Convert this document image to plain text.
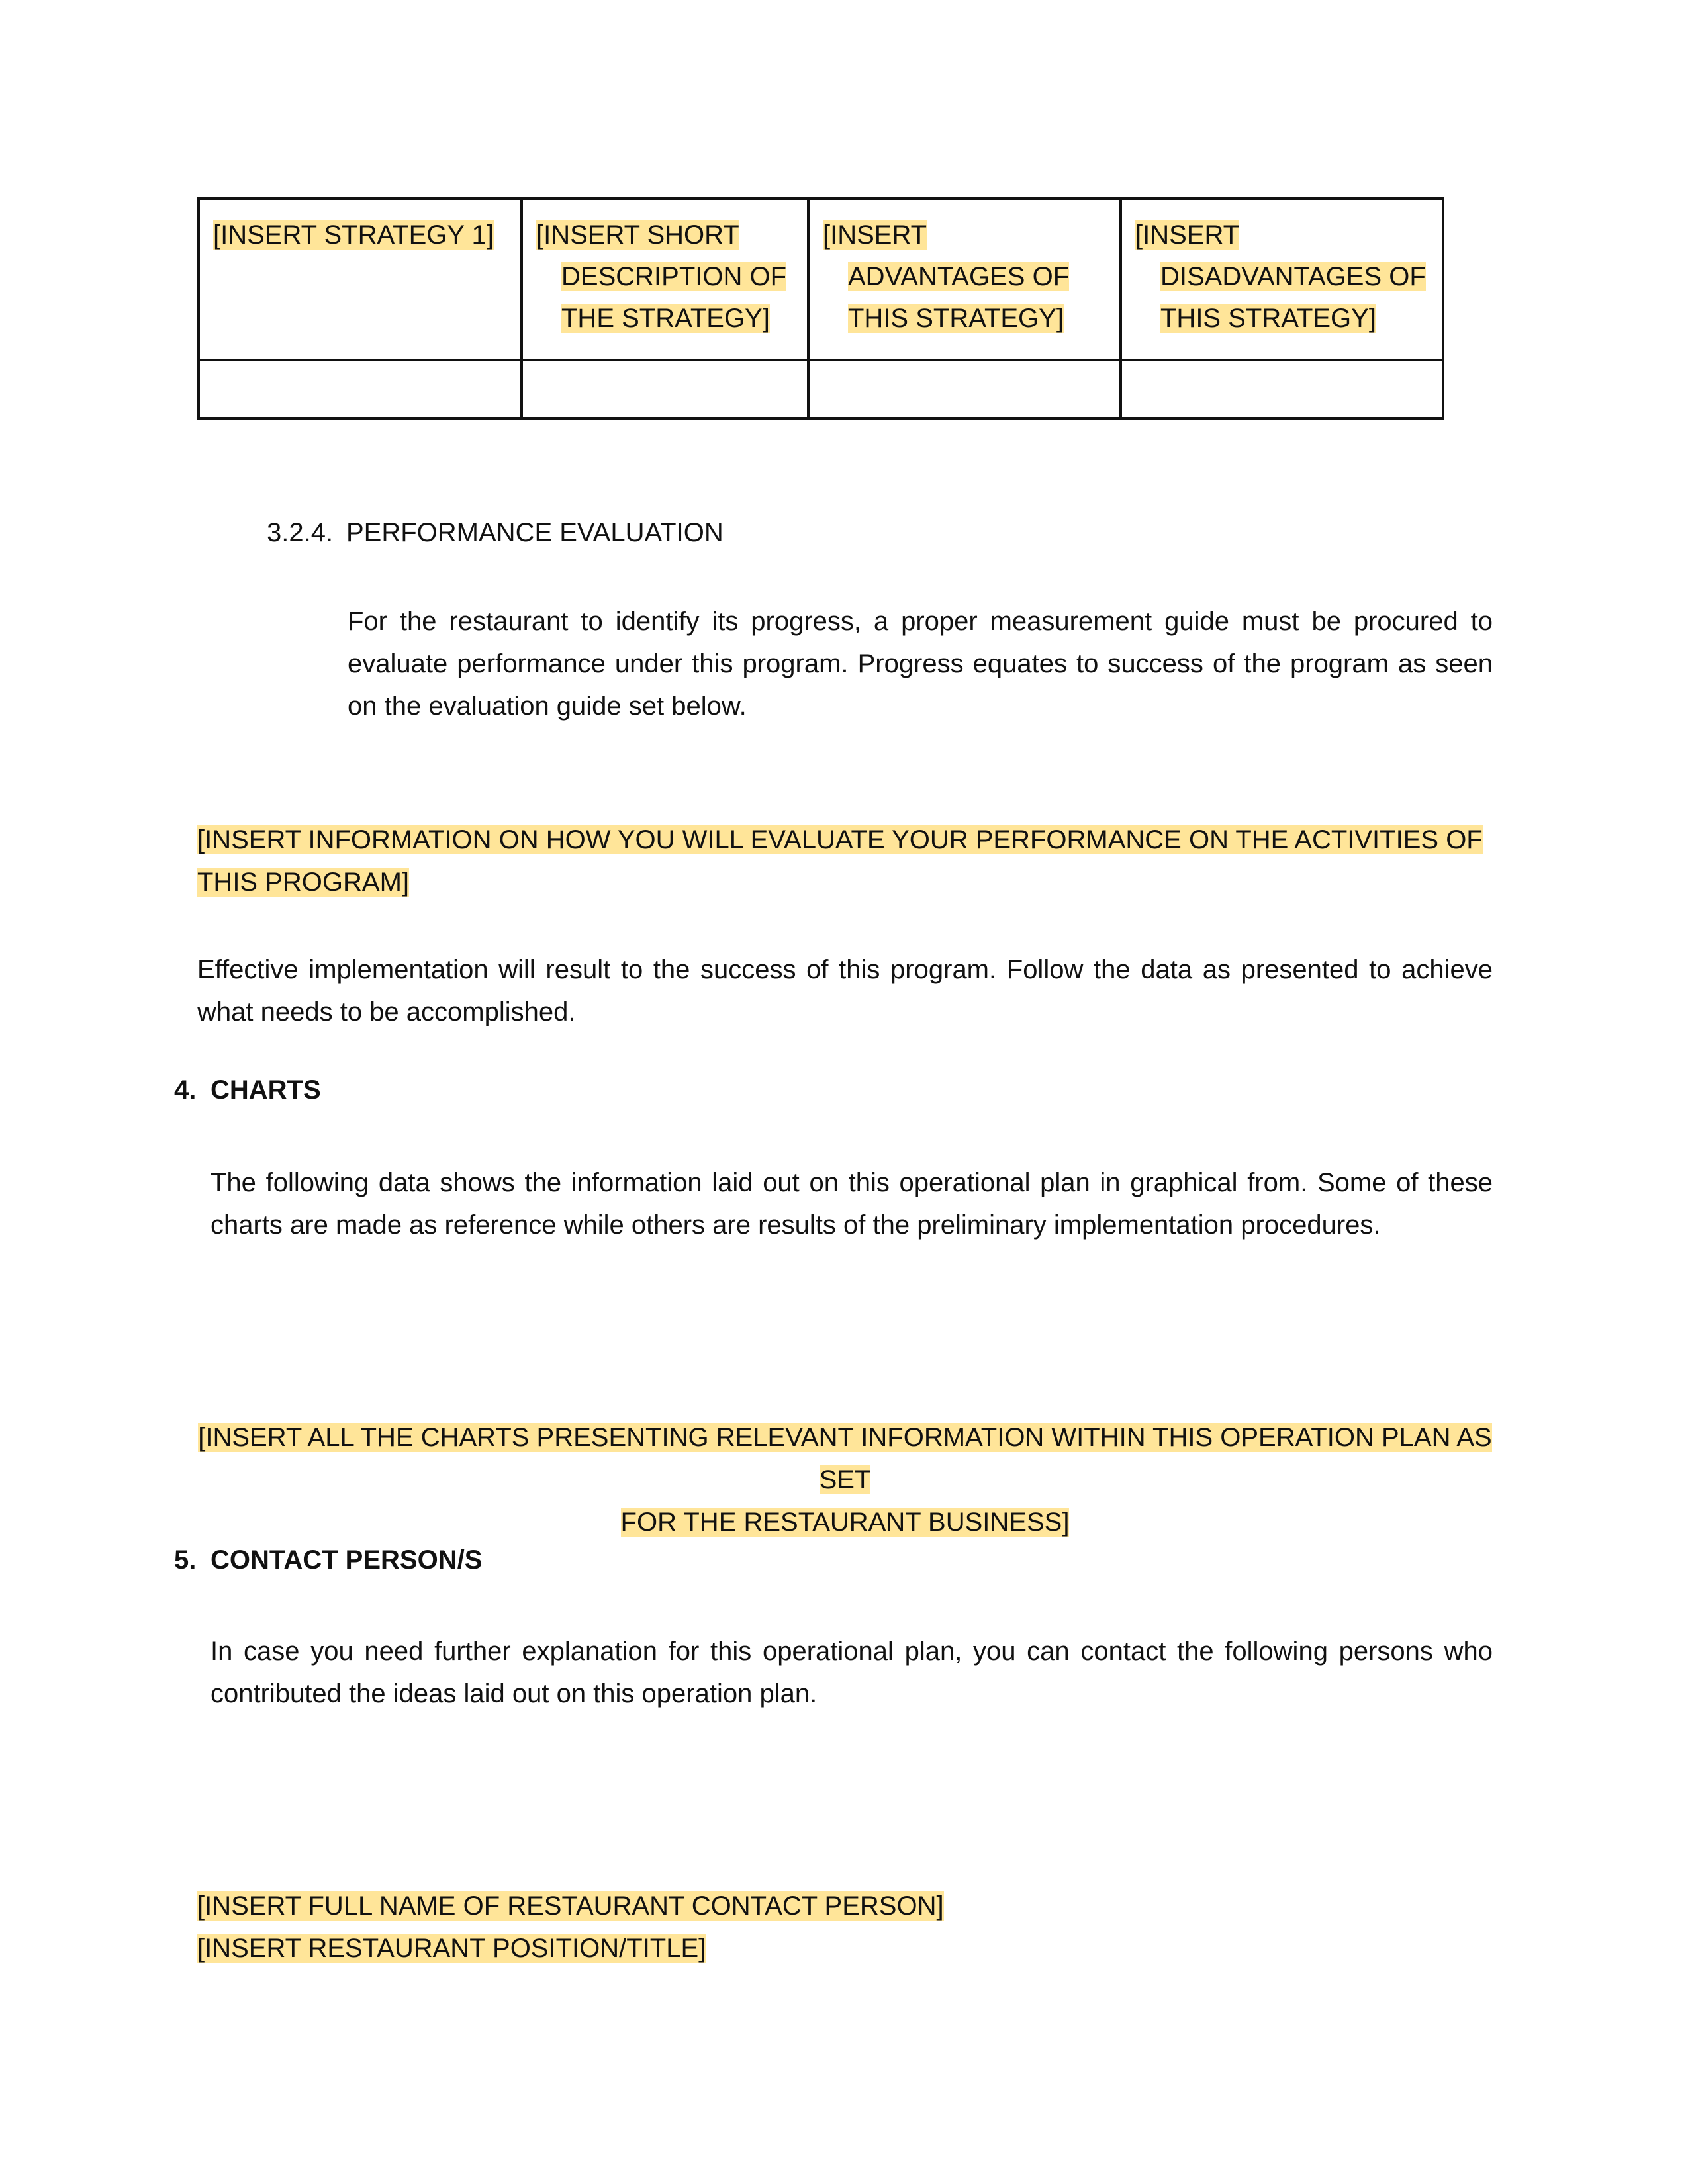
[INSERT STRATEGY 1]	[INSERT SHORT DESCRIPTION OF THE STRATEGY]	[INSERT ADVANTAGES OF THIS STRATEGY]	[INSERT DISADVANTAGES OF THIS STRATEGY]

3.2.4. PERFORMANCE EVALUATION
For the restaurant to identify its progress, a proper measurement guide must be procured to evaluate performance under this program. Progress equates to success of the program as seen on the evaluation guide set below.
[INSERT INFORMATION ON HOW YOU WILL EVALUATE YOUR PERFORMANCE ON THE ACTIVITIES OF THIS PROGRAM]
Effective implementation will result to the success of this program. Follow the data as presented to achieve what needs to be accomplished.
4. CHARTS
The following data shows the information laid out on this operational plan in graphical from. Some of these charts are made as reference while others are results of the preliminary implementation procedures.
[INSERT ALL THE CHARTS PRESENTING RELEVANT INFORMATION WITHIN THIS OPERATION PLAN AS SET
FOR THE RESTAURANT BUSINESS]
5. CONTACT PERSON/S
In case you need further explanation for this operational plan, you can contact the following persons who contributed the ideas laid out on this operation plan.
[INSERT FULL NAME OF RESTAURANT CONTACT PERSON]
[INSERT RESTAURANT POSITION/TITLE]
